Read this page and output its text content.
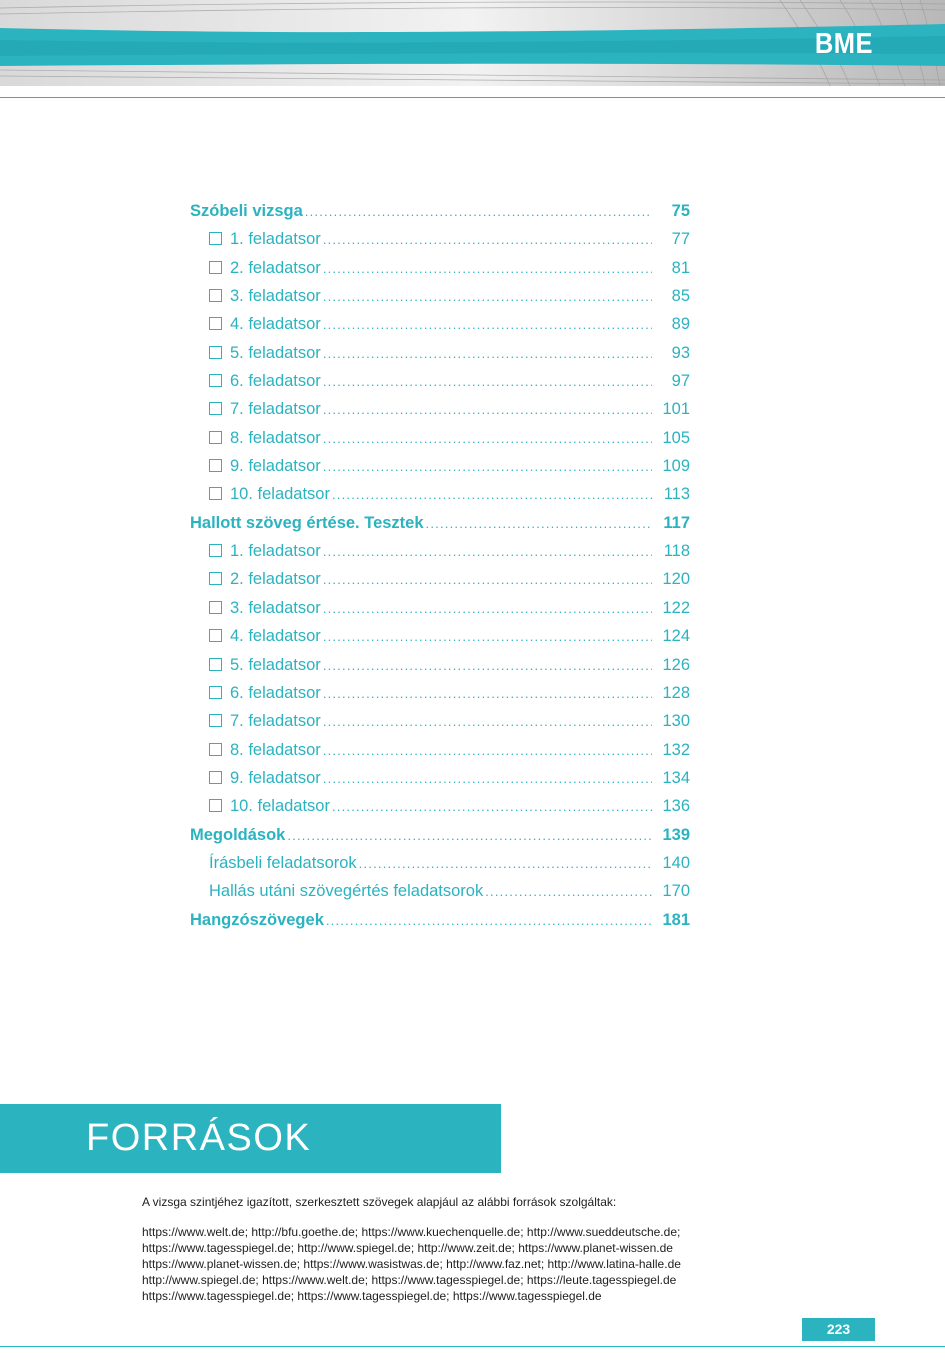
BME
Szóbeli vizsga .....	75
1. feladatsor .....	77
2. feladatsor .....	81
3. feladatsor .....	85
4. feladatsor .....	89
5. feladatsor .....	93
6. feladatsor .....	97
7. feladatsor .....	101
8. feladatsor .....	105
9. feladatsor .....	109
10. feladatsor .....	113
Hallott szöveg értése. Tesztek .....	117
1. feladatsor .....	118
2. feladatsor .....	120
3. feladatsor .....	122
4. feladatsor .....	124
5. feladatsor .....	126
6. feladatsor .....	128
7. feladatsor .....	130
8. feladatsor .....	132
9. feladatsor .....	134
10. feladatsor .....	136
Megoldások .....	139
Írásbeli feladatsorok .....	140
Hallás utáni szövegértés feladatsorok .....	170
Hangzószövegek .....	181
FORRÁSOK
A vizsga szintjéhez igazított, szerkesztett szövegek alapjául az alábbi források szolgáltak:
https://www.welt.de; http://bfu.goethe.de; https://www.kuechenquelle.de; http://www.sueddeutsche.de;
https://www.tagesspiegel.de; http://www.spiegel.de; http://www.zeit.de; https://www.planet-wissen.de
https://www.planet-wissen.de; https://www.wasistwas.de; http://www.faz.net; http://www.latina-halle.de
http://www.spiegel.de; https://www.welt.de; https://www.tagesspiegel.de; https://leute.tagesspiegel.de
https://www.tagesspiegel.de; https://www.tagesspiegel.de; https://www.tagesspiegel.de
223
